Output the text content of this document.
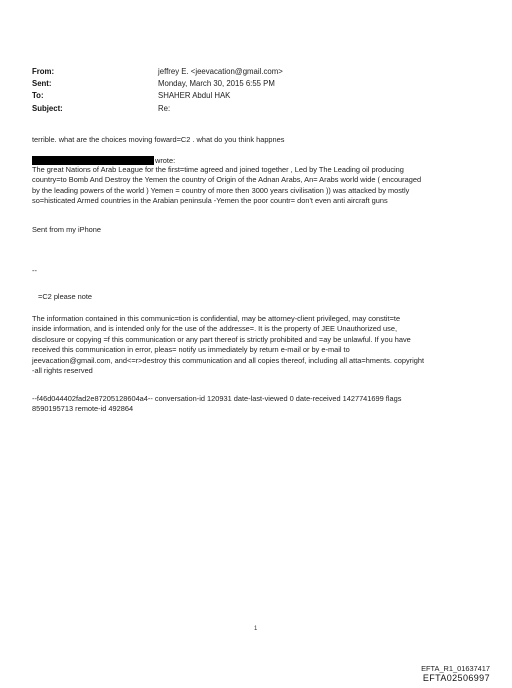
From:	jeffrey E. <jeevacation@gmail.com>
Sent:	Monday, March 30, 2015 6:55 PM
To:	SHAHER Abdul HAK
Subject:	Re:
terrible. what are the choices moving foward=C2 . what do you think happnes
wrote:
The great Nations of Arab League for the first=time agreed and joined together , Led by The Leading oil producing
country=to Bomb And Destroy the Yemen the country of Origin of the Adnan Arabs, An= Arabs world wide ( encouraged
by the leading powers of the world ) Yemen = country of more then 3000 years civilisation )) was attacked by mostly
so=histicated Armed countries in the Arabian peninsula -Yemen the poor countr= don't even anti aircraft guns
Sent from my iPhone
--
=C2 please note
The information contained in this communic=tion is confidential, may be attorney-client privileged, may constit=te
inside information, and is intended only for the use of the addresse=. It is the property of JEE Unauthorized use,
disclosure or copying =f this communication or any part thereof is strictly prohibited and =ay be unlawful. If you have
received this communication in error, pleas= notify us immediately by return e-mail or by e-mail to
jeevacation@gmail.com, and<=r>destroy this communication and all copies thereof, including all atta=hments. copyright
-all rights reserved
--f46d044402fad2e87205128604a4-- conversation-id 120931 date-last-viewed 0 date-received 1427741699 flags
8590195713 remote-id 492864
1
EFTA_R1_01637417
EFTA02506997
